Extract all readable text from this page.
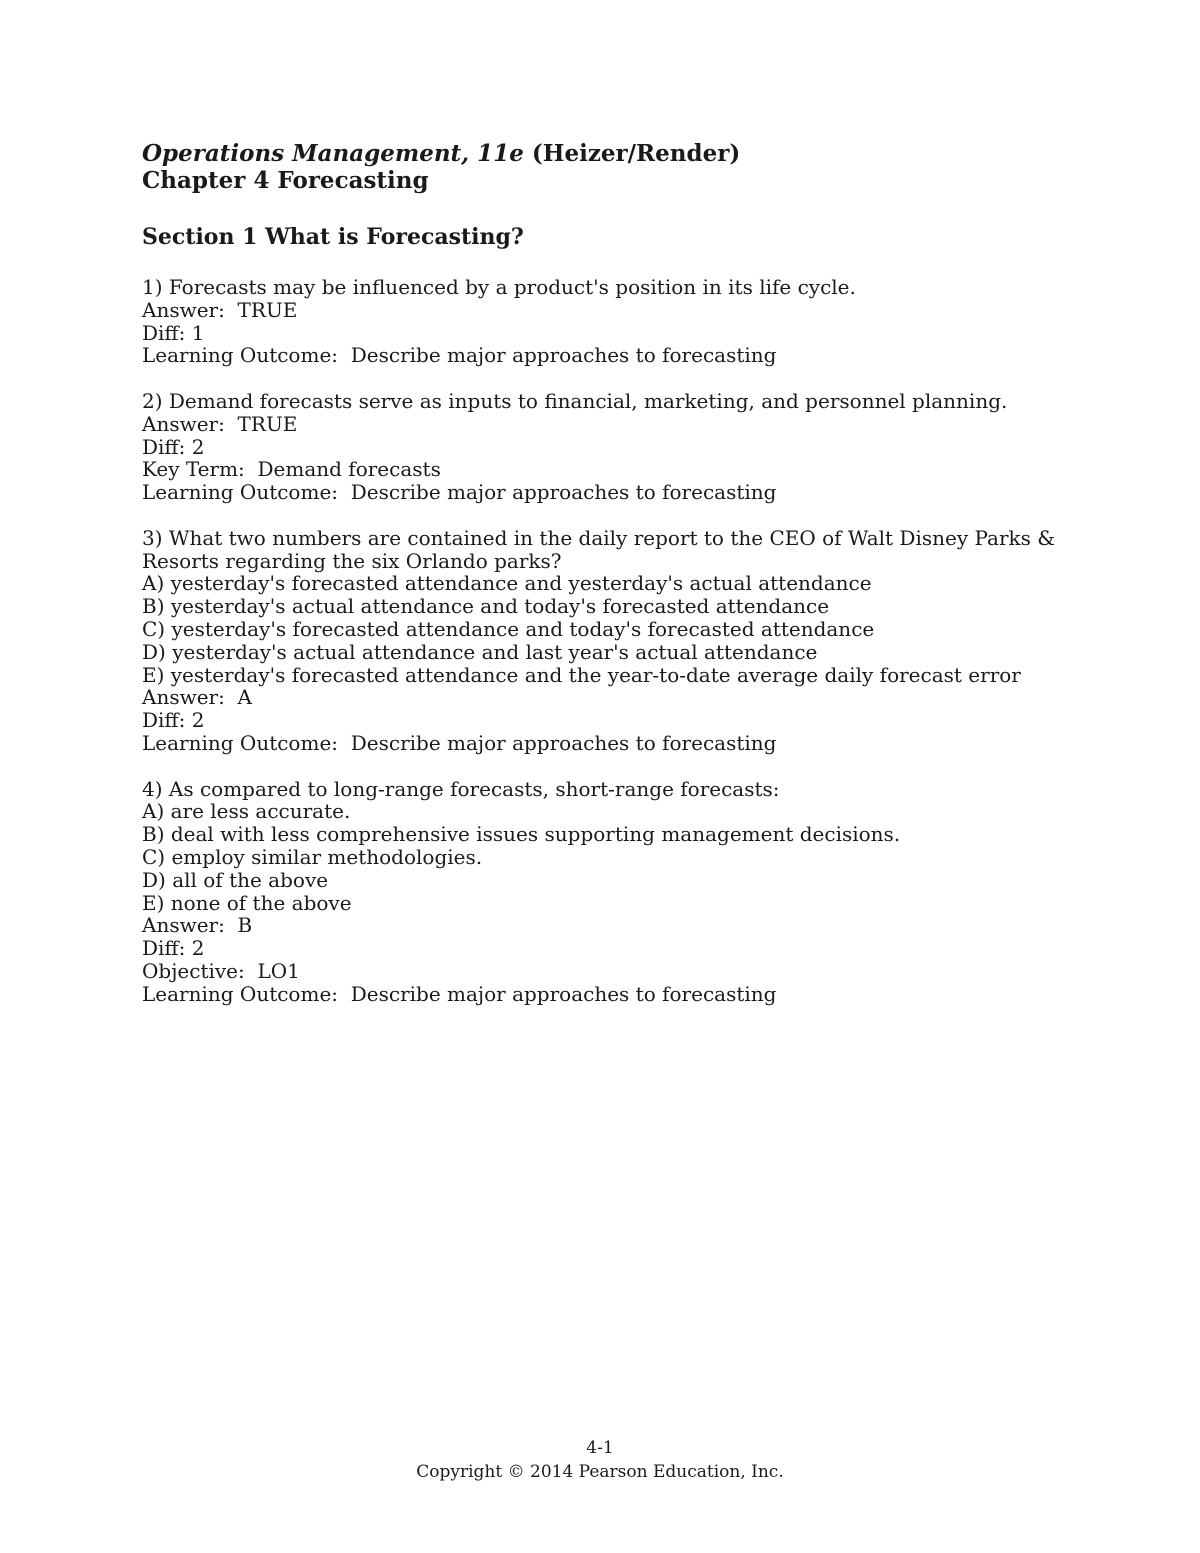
Operations Management, 11e (Heizer/Render)

Chapter 4 Forecasting

Section 1 What is Forecasting?

1) Forecasts may be influenced by a product's position in its life cycle.
Answer:  TRUE
Diff: 1
Learning Outcome:  Describe major approaches to forecasting
2) Demand forecasts serve as inputs to financial, marketing, and personnel planning.
Answer:  TRUE
Diff: 2
Key Term:  Demand forecasts
Learning Outcome:  Describe major approaches to forecasting
3) What two numbers are contained in the daily report to the CEO of Walt Disney Parks &
Resorts regarding the six Orlando parks?
A) yesterday's forecasted attendance and yesterday's actual attendance
B) yesterday's actual attendance and today's forecasted attendance
C) yesterday's forecasted attendance and today's forecasted attendance
D) yesterday's actual attendance and last year's actual attendance
E) yesterday's forecasted attendance and the year-to-date average daily forecast error
Answer:  A
Diff: 2
Learning Outcome:  Describe major approaches to forecasting
4) As compared to long-range forecasts, short-range forecasts:
A) are less accurate.
B) deal with less comprehensive issues supporting management decisions.
C) employ similar methodologies.
D) all of the above
E) none of the above
Answer:  B
Diff: 2
Objective:  LO1
Learning Outcome:  Describe major approaches to forecasting
4-1
Copyright © 2014 Pearson Education, Inc.
